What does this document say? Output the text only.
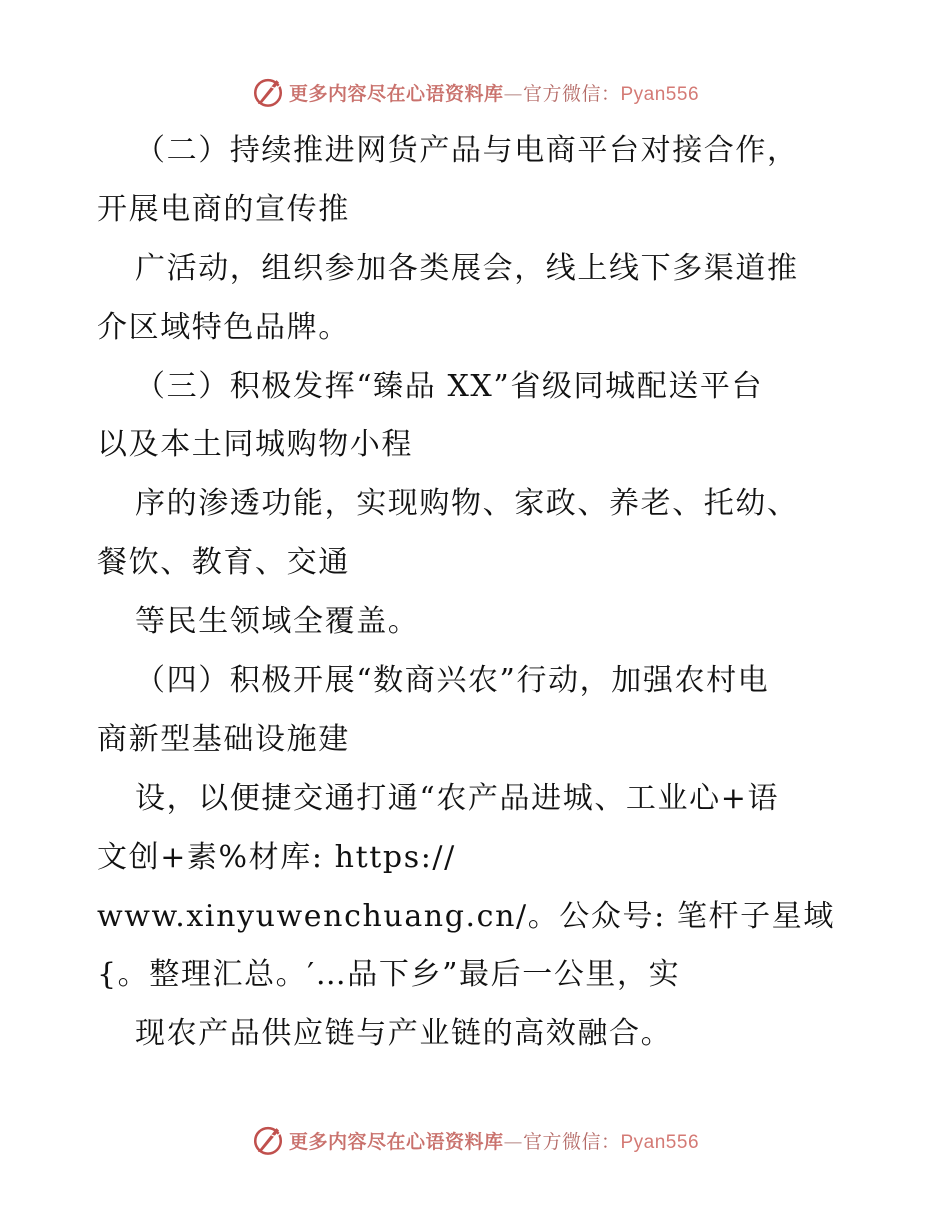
更多内容尽在心语资料库—官方微信：Pyan556
（二）持续推进网货产品与电商平台对接合作，
开展电商的宣传推
广活动，组织参加各类展会，线上线下多渠道推
介区域特色品牌。
（三）积极发挥“臻品 XX”省级同城配送平台
以及本土同城购物小程
序的渗透功能，实现购物、家政、养老、托幼、
餐饮、教育、交通
等民生领域全覆盖。
（四）积极开展“数商兴农”行动，加强农村电
商新型基础设施建
设，以便捷交通打通“农产品进城、工业心+语
文创+素%材库: https://
www.xinyuwenchuang.cn/。公众号: 笔杆子星域
{。整理汇总。′…品下乡”最后一公里，实
现农产品供应链与产业链的高效融合。
更多内容尽在心语资料库—官方微信：Pyan556
